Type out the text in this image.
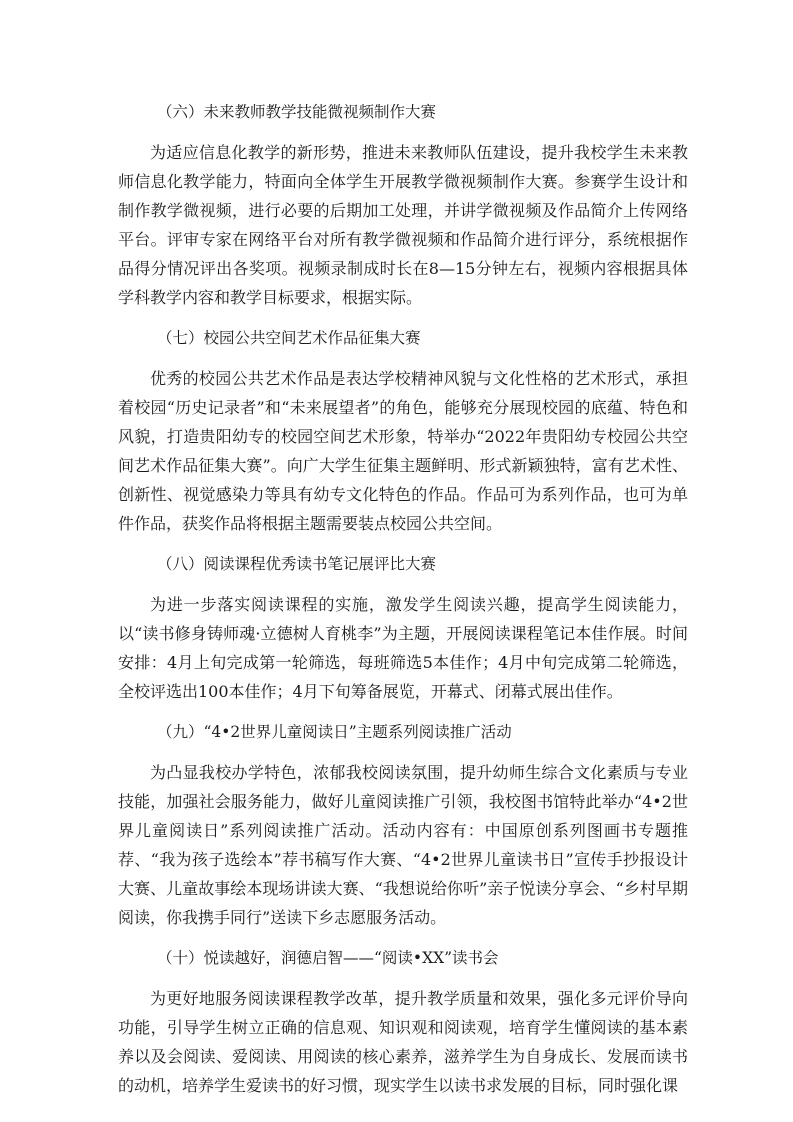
（六）未来教师教学技能微视频制作大赛
为适应信息化教学的新形势，推进未来教师队伍建设，提升我校学生未来教师信息化教学能力，特面向全体学生开展教学微视频制作大赛。参赛学生设计和制作教学微视频，进行必要的后期加工处理，并讲学微视频及作品简介上传网络平台。评审专家在网络平台对所有教学微视频和作品简介进行评分，系统根据作品得分情况评出各奖项。视频录制成时长在8—15分钟左右，视频内容根据具体学科教学内容和教学目标要求，根据实际。
（七）校园公共空间艺术作品征集大赛
优秀的校园公共艺术作品是表达学校精神风貌与文化性格的艺术形式，承担着校园“历史记录者”和“未来展望者”的角色，能够充分展现校园的底蕴、特色和风貌，打造贵阳幼专的校园空间艺术形象，特举办“2022年贵阳幼专校园公共空间艺术作品征集大赛”。向广大学生征集主题鲜明、形式新颖独特，富有艺术性、创新性、视觉感染力等具有幼专文化特色的作品。作品可为系列作品，也可为单件作品，获奖作品将根据主题需要装点校园公共空间。
（八）阅读课程优秀读书笔记展评比大赛
为进一步落实阅读课程的实施，激发学生阅读兴趣，提高学生阅读能力，以“读书修身铸师魂·立德树人育桃李”为主题，开展阅读课程笔记本佳作展。时间安排：4月上旬完成第一轮筛选，每班筛选5本佳作；4月中旬完成第二轮筛选，全校评选出100本佳作；4月下旬筹备展览，开幕式、闭幕式展出佳作。
（九）“4•2世界儿童阅读日”主题系列阅读推广活动
为凸显我校办学特色，浓郁我校阅读氛围，提升幼师生综合文化素质与专业技能，加强社会服务能力，做好儿童阅读推广引领，我校图书馆特此举办“4•2世界儿童阅读日”系列阅读推广活动。活动内容有：中国原创系列图画书专题推荐、“我为孩子选绘本”荐书稿写作大赛、“4•2世界儿童读书日”宣传手抄报设计大赛、儿童故事绘本现场讲读大赛、“我想说给你听”亲子悦读分享会、“乡村早期阅读，你我携手同行”送读下乡志愿服务活动。
（十）悦读越好，润德启智——“阅读•XX”读书会
为更好地服务阅读课程教学改革，提升教学质量和效果，强化多元评价导向功能，引导学生树立正确的信息观、知识观和阅读观，培育学生懂阅读的基本素养以及会阅读、爱阅读、用阅读的核心素养，滋养学生为自身成长、发展而读书的动机，培养学生爱读书的好习惯，现实学生以读书求发展的目标，同时强化课
